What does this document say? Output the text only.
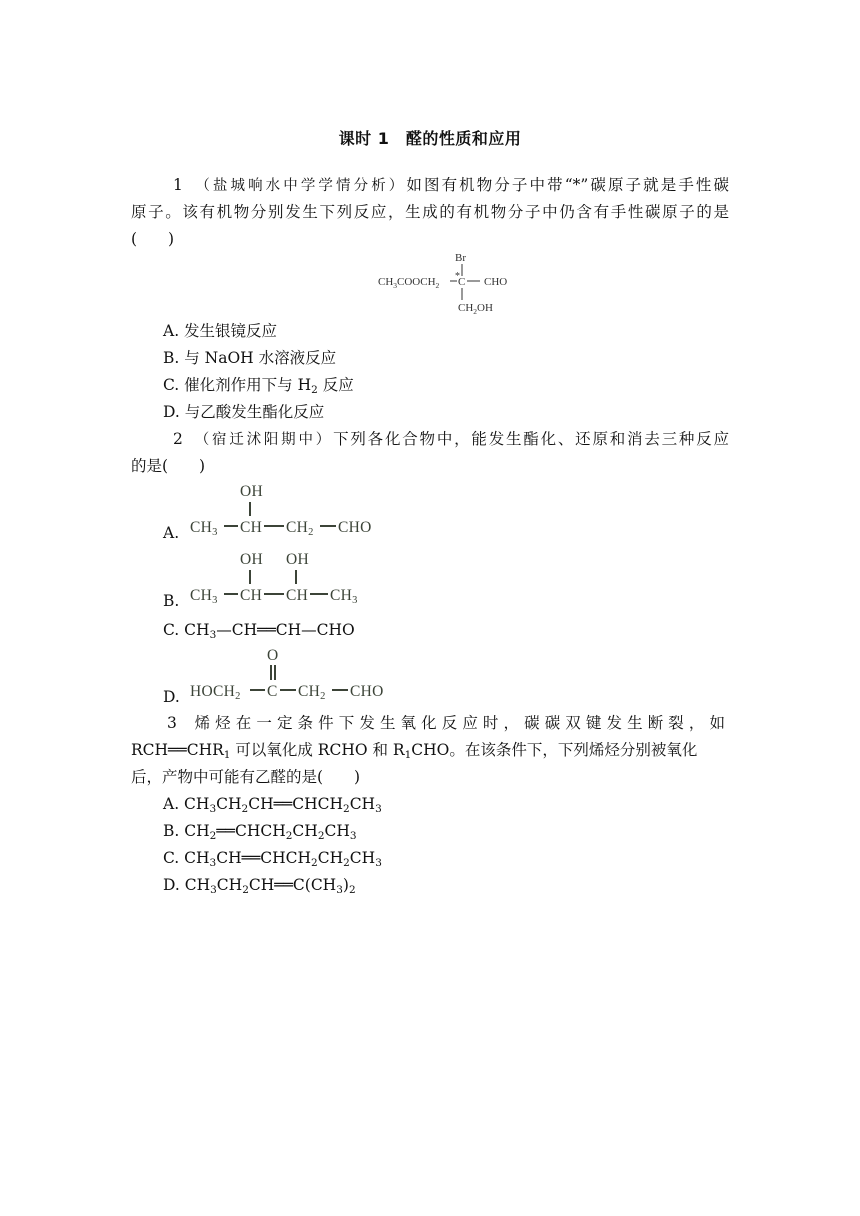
课时 1　醛的性质和应用
1　 （盐城响水中学学情分析）如图有机物分子中带“*”碳原子就是手性碳
原子。该有机物分别发生下列反应，生成的有机物分子中仍含有手性碳原子的是
(　　)
Br
$CH_3COOCH_2$
*
C CHO
$CH_2OH$
A. 发生银镜反应
B. 与 NaOH 水溶液反应
C. 催化剂作用下与 $H_2$ 反应
D. 与乙酸发生酯化反应
2　 （宿迁沭阳期中）下列各化合物中，能发生酯化、还原和消去三种反应
的是(　　)
A.
OH
CH3 CH CH2 CHO
B.
OH OH
CH3 CH CH CH3
C. $CH_3—CH══CH—CHO$
D.
O
HOCH2 C CH2 CHO
3　 烯烃在一定条件下发生氧化反应时，碳碳双键发生断裂，如
$RCH══CHR_1$ 可以氧化成 RCHO 和 $R_1CHO$。在该条件下，下列烯烃分别被氧化
后，产物中可能有乙醛的是(　　)
A. $CH_3CH_2CH══CHCH_2CH_3$
B. $CH_2══CHCH_2CH_2CH_3$
C. $CH_3CH══CHCH_2CH_2CH_3$
D. $CH_3CH_2CH══C(CH_3)_2$
